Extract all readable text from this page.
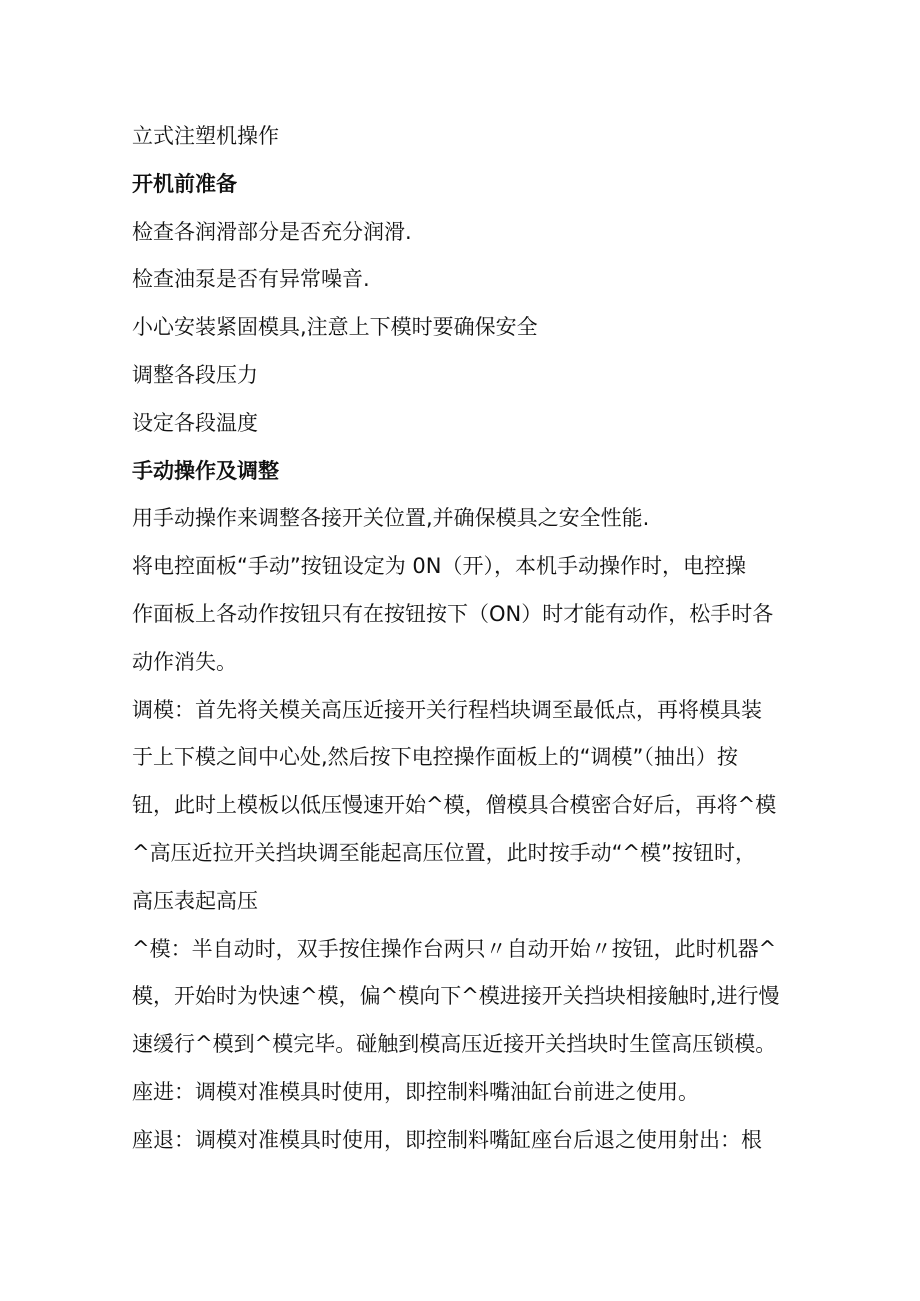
立式注塑机操作

开机前准备

检查各润滑部分是否充分润滑.

检查油泵是否有异常噪音.

小心安装紧固模具,注意上下模时要确保安全

调整各段压力

设定各段温度

手动操作及调整

用手动操作来调整各接开关位置,并确保模具之安全性能.

将电控面板“手动”按钮设定为 0N（开），本机手动操作时，电控操

作面板上各动作按钮只有在按钮按下（ON）时才能有动作，松手时各

动作消失。

调模：首先将关模关高压近接开关行程档块调至最低点，再将模具装

于上下模之间中心处,然后按下电控操作面板上的“调模”（抽出）按

钮，此时上模板以低压慢速开始^模，僧模具合模密合好后，再将^模

^高压近拉开关挡块调至能起高压位置，此时按手动“^模”按钮时，

高压表起高压

^模：半自动时，双手按住操作台两只〃自动开始〃按钮，此时机器^

模，开始时为快速^模，偏^模向下^模进接开关挡块相接触时,进行慢

速缓行^模到^模完毕。碰触到模高压近接开关挡块时生筐高压锁模。

座进：调模对准模具时使用，即控制料嘴油缸台前进之使用。

座退：调模对准模具时使用，即控制料嘴缸座台后退之使用射出：根
